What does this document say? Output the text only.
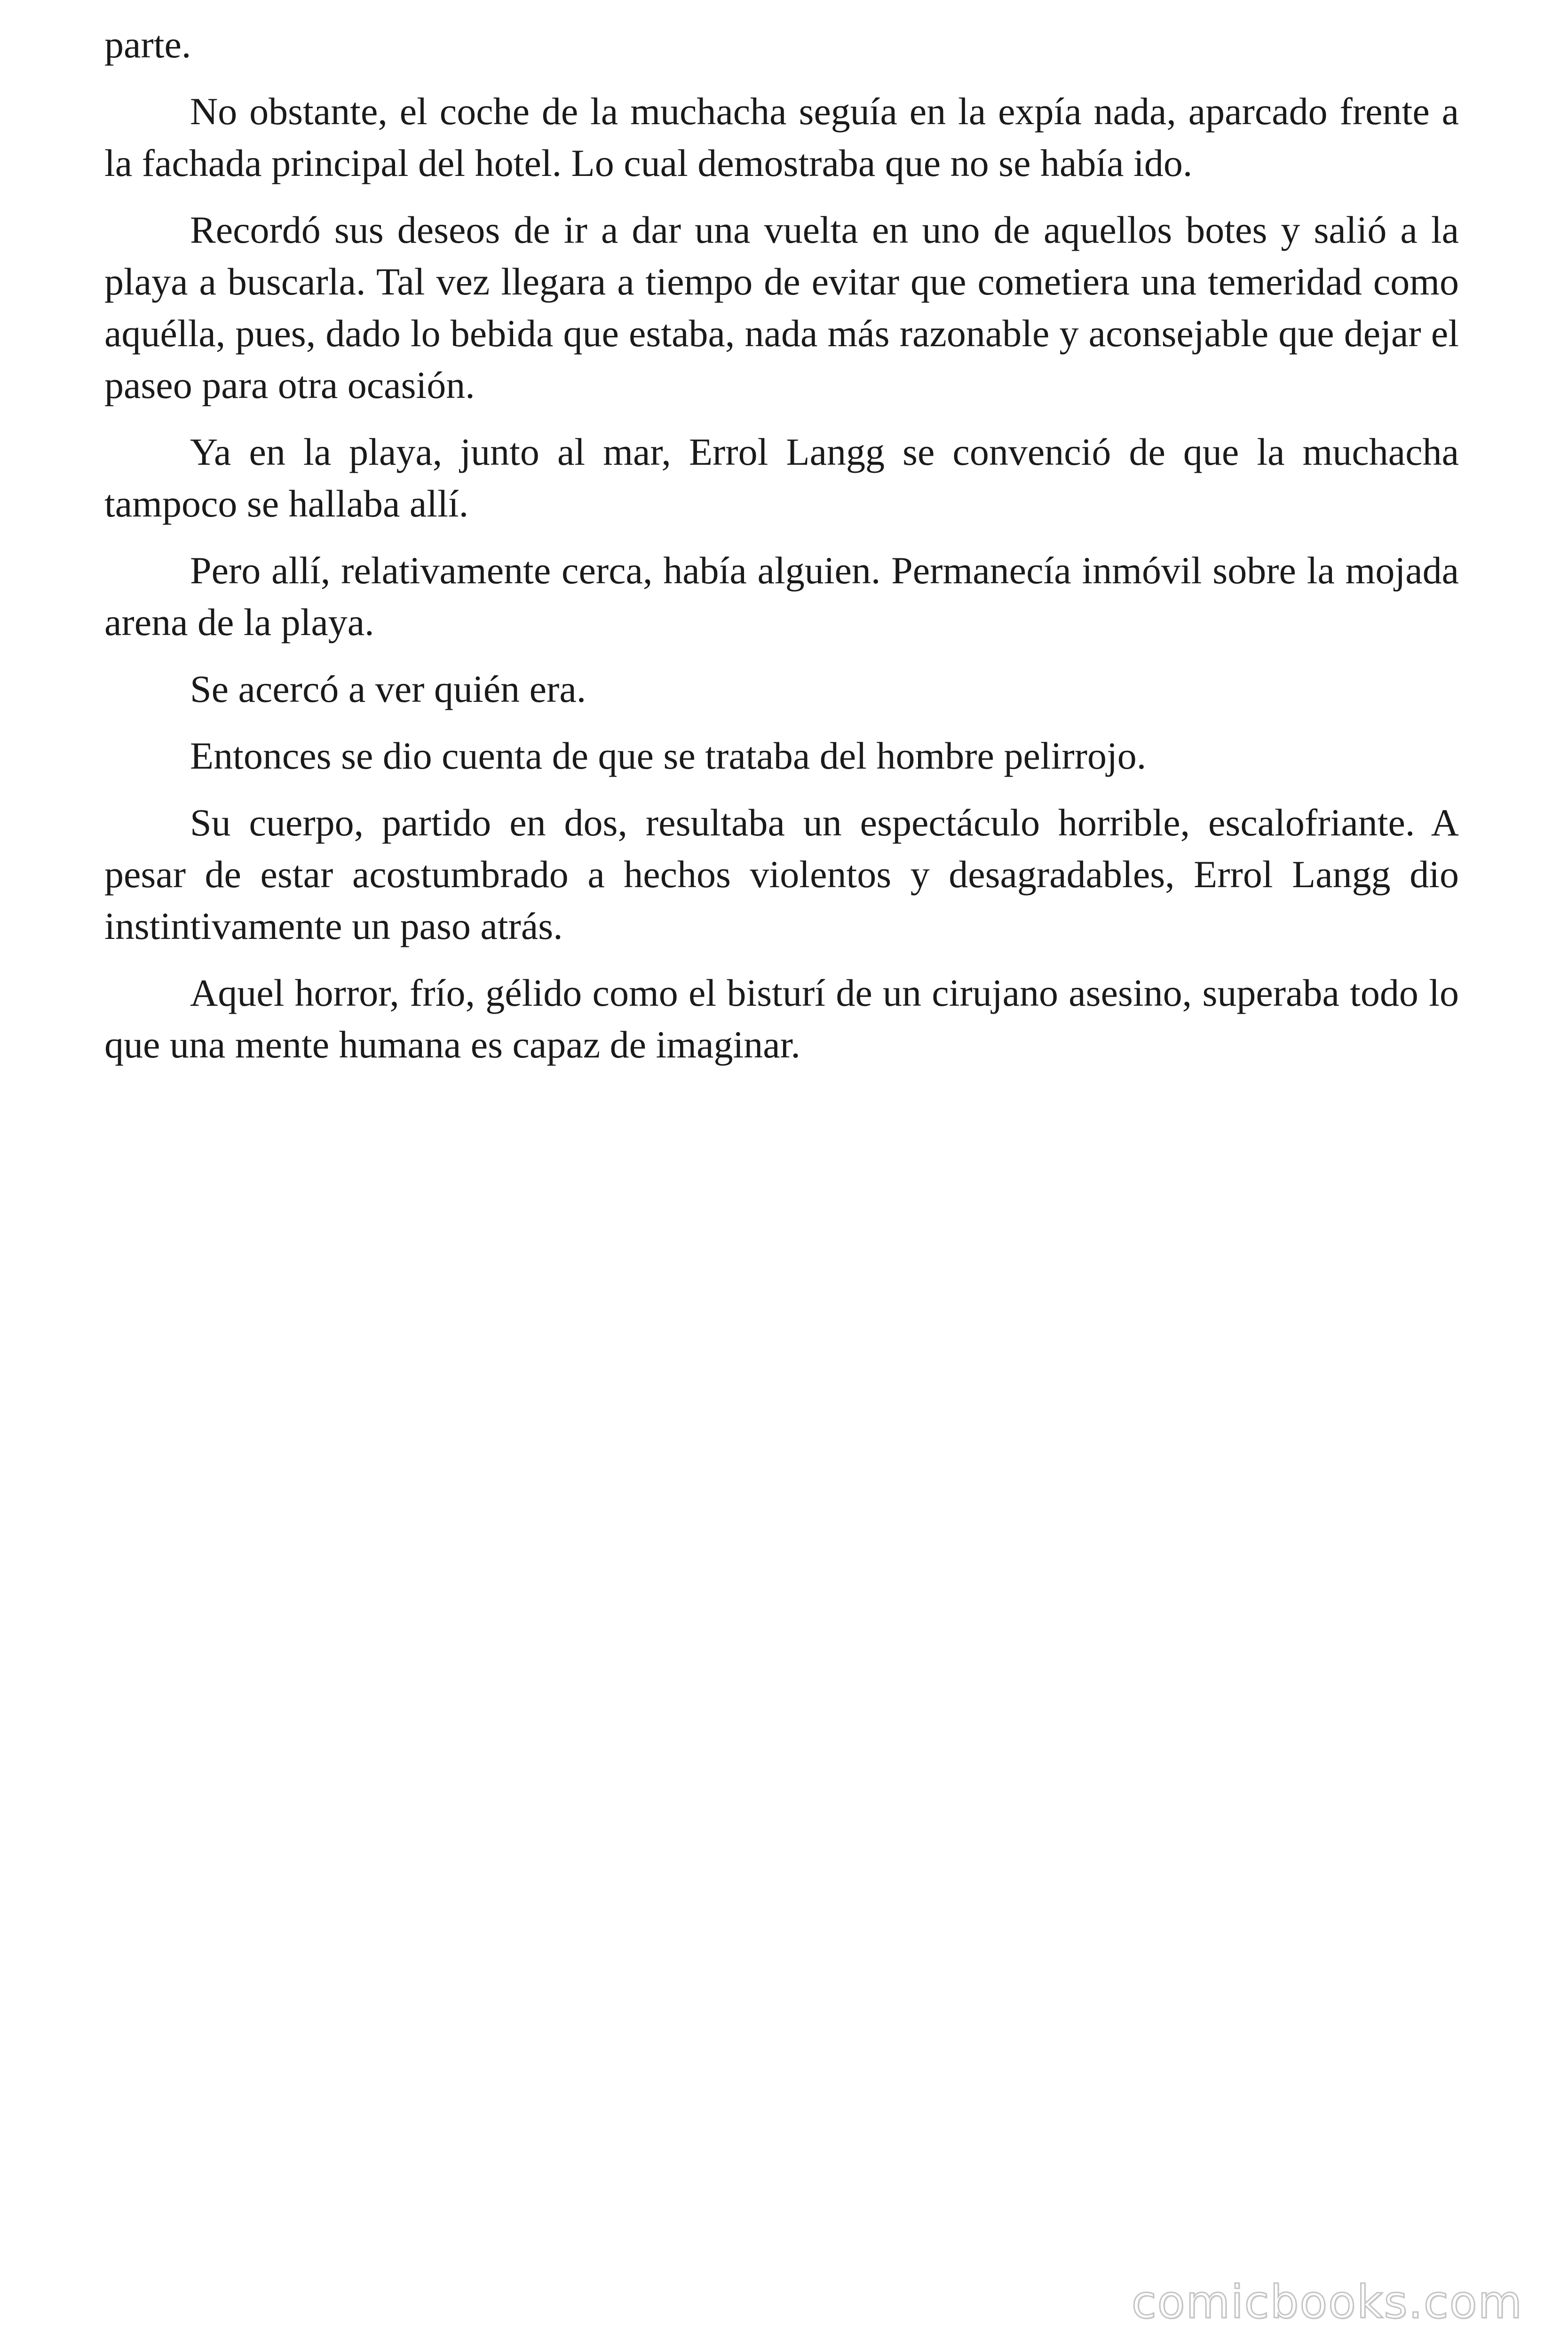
parte.

No obstante, el coche de la muchacha seguía en la expía nada, aparcado frente a la fachada principal del hotel. Lo cual demostraba que no se había ido.

Recordó sus deseos de ir a dar una vuelta en uno de aquellos botes y salió a la playa a buscarla. Tal vez llegara a tiempo de evitar que cometiera una temeridad como aquélla, pues, dado lo bebida que estaba, nada más razonable y aconsejable que dejar el paseo para otra ocasión.

Ya en la playa, junto al mar, Errol Langg se convenció de que la muchacha tampoco se hallaba allí.

Pero allí, relativamente cerca, había alguien. Permanecía inmóvil sobre la mojada arena de la playa.

Se acercó a ver quién era.

Entonces se dio cuenta de que se trataba del hombre pelirrojo.

Su cuerpo, partido en dos, resultaba un espectáculo horrible, escalofriante. A pesar de estar acostumbrado a hechos violentos y desagradables, Errol Langg dio instintivamente un paso atrás.

Aquel horror, frío, gélido como el bisturí de un cirujano asesino, superaba todo lo que una mente humana es capaz de imaginar.

comicbooks.com
